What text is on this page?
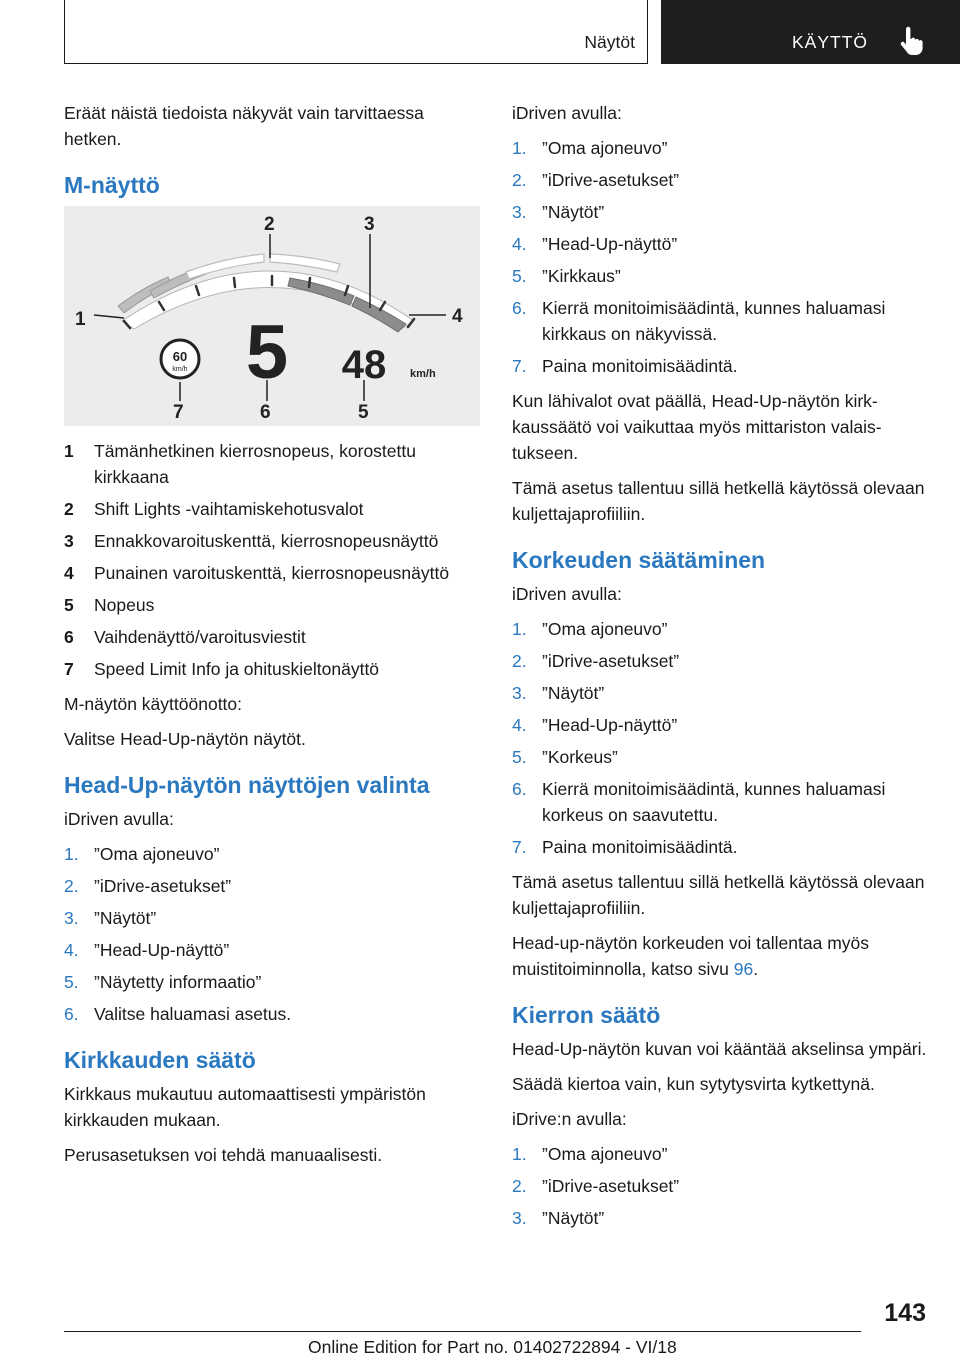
Näytöt	KÄYTTÖ

Eräät näistä tiedoista näkyvät vain tarvittaessa hetken.

M-näyttö
1
2	3
4
5
6
7
60
km/h 5 48 km/h
1 Tämänhetkinen kierrosnopeus, korostettu kirkkaana
2 Shift Lights -vaihtamiskehotusvalot
3 Ennakkovaroituskenttä, kierrosnopeusnäyttö
4 Punainen varoituskenttä, kierrosnopeusnäyttö
5 Nopeus
6 Vaihdenäyttö/varoitusviestit
7 Speed Limit Info ja ohituskieltonäyttö

M-näytön käyttöönotto:

Valitse Head-Up-näytön näytöt.

Head-Up-näytön näyttöjen valinta

iDriven avulla:

1. ”Oma ajoneuvo”
2. ”iDrive-asetukset”
3. ”Näytöt”
4. ”Head-Up-näyttö”
5. ”Näytetty informaatio”
6. Valitse haluamasi asetus.
Kirkkauden säätö

Kirkkaus mukautuu automaattisesti ympäristön kirkkauden mukaan.

Perusasetuksen voi tehdä manuaalisesti.

iDriven avulla:

1. ”Oma ajoneuvo”
2. ”iDrive-asetukset”
3. ”Näytöt”
4. ”Head-Up-näyttö”
5. ”Kirkkaus”
6. Kierrä monitoimisäädintä, kunnes haluamasi kirkkaus on näkyvissä.
7. Paina monitoimisäädintä.

Kun lähivalot ovat päällä, Head-Up-näytön kirkkaussäätö voi vaikuttaa myös mittariston valaistukseen.

Tämä asetus tallentuu sillä hetkellä käytössä olevaan kuljettajaprofiiliin.

Korkeuden säätäminen

iDriven avulla:

1. ”Oma ajoneuvo”
2. ”iDrive-asetukset”
3. ”Näytöt”
4. ”Head-Up-näyttö”
5. ”Korkeus”
6. Kierrä monitoimisäädintä, kunnes haluamasi korkeus on saavutettu.
7. Paina monitoimisäädintä.

Tämä asetus tallentuu sillä hetkellä käytössä olevaan kuljettajaprofiiliin.

Head-up-näytön korkeuden voi tallentaa myös muistitoiminnolla, katso sivu 96.

Kierron säätö

Head-Up-näytön kuvan voi kääntää akselinsa ympäri.

Säädä kiertoa vain, kun sytytysvirta kytkettynä.

iDrive:n avulla:

1. ”Oma ajoneuvo”
2. ”iDrive-asetukset”
3. ”Näytöt”
143
Online Edition for Part no. 01402722894 - VI/18
